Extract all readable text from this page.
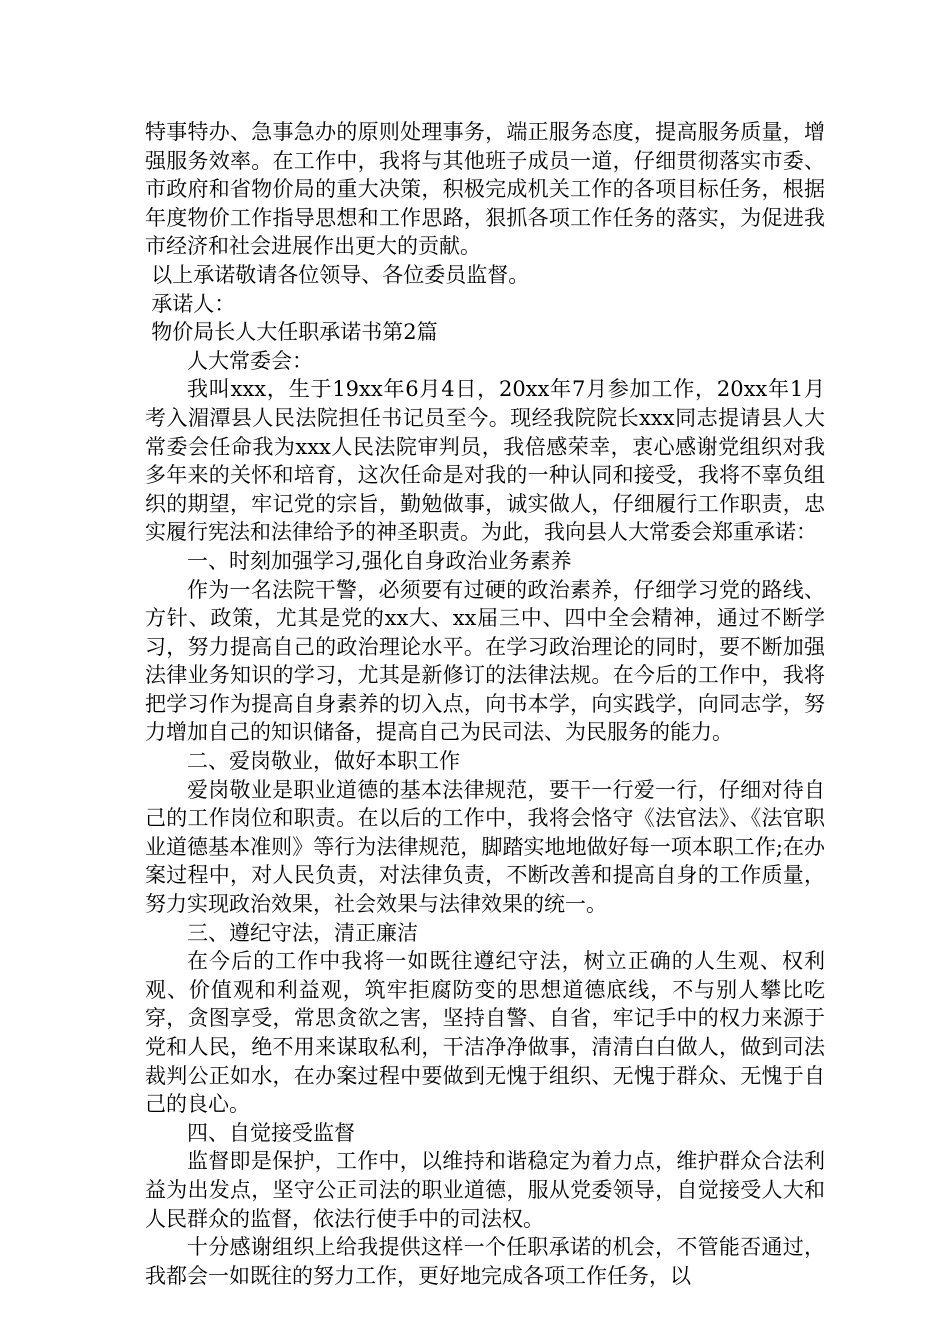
特事特办、急事急办的原则处理事务，端正服务态度，提高服务质量，增强服务效率。在工作中，我将与其他班子成员一道，仔细贯彻落实市委、市政府和省物价局的重大决策，积极完成机关工作的各项目标任务，根据年度物价工作指导思想和工作思路，狠抓各项工作任务的落实，为促进我市经济和社会进展作出更大的贡献。

以上承诺敬请各位领导、各位委员监督。

承诺人：

物价局长人大任职承诺书第2篇

人大常委会：

我叫xxx，生于19xx年6月4日，20xx年7月参加工作，20xx年1月考入湄潭县人民法院担任书记员至今。现经我院院长xxx同志提请县人大常委会任命我为xxx人民法院审判员，我倍感荣幸，衷心感谢党组织对我多年来的关怀和培育，这次任命是对我的一种认同和接受，我将不辜负组织的期望，牢记党的宗旨，勤勉做事，诚实做人，仔细履行工作职责，忠实履行宪法和法律给予的神圣职责。为此，我向县人大常委会郑重承诺：

一、时刻加强学习,强化自身政治业务素养

作为一名法院干警，必须要有过硬的政治素养，仔细学习党的路线、方针、政策，尤其是党的xx大、xx届三中、四中全会精神，通过不断学习，努力提高自己的政治理论水平。在学习政治理论的同时，要不断加强法律业务知识的学习，尤其是新修订的法律法规。在今后的工作中，我将把学习作为提高自身素养的切入点，向书本学，向实践学，向同志学，努力增加自己的知识储备，提高自己为民司法、为民服务的能力。

二、爱岗敬业，做好本职工作

爱岗敬业是职业道德的基本法律规范，要干一行爱一行，仔细对待自己的工作岗位和职责。在以后的工作中，我将会恪守《法官法》、《法官职业道德基本准则》等行为法律规范，脚踏实地地做好每一项本职工作;在办案过程中，对人民负责，对法律负责，不断改善和提高自身的工作质量，努力实现政治效果，社会效果与法律效果的统一。

三、遵纪守法，清正廉洁

在今后的工作中我将一如既往遵纪守法，树立正确的人生观、权利观、价值观和利益观，筑牢拒腐防变的思想道德底线，不与别人攀比吃穿，贪图享受，常思贪欲之害，坚持自警、自省，牢记手中的权力来源于党和人民，绝不用来谋取私利，干洁净净做事，清清白白做人，做到司法裁判公正如水，在办案过程中要做到无愧于组织、无愧于群众、无愧于自己的良心。

四、自觉接受监督

监督即是保护，工作中，以维持和谐稳定为着力点，维护群众合法利益为出发点，坚守公正司法的职业道德，服从党委领导，自觉接受人大和人民群众的监督，依法行使手中的司法权。

十分感谢组织上给我提供这样一个任职承诺的机会，不管能否通过，我都会一如既往的努力工作，更好地完成各项工作任务，以
